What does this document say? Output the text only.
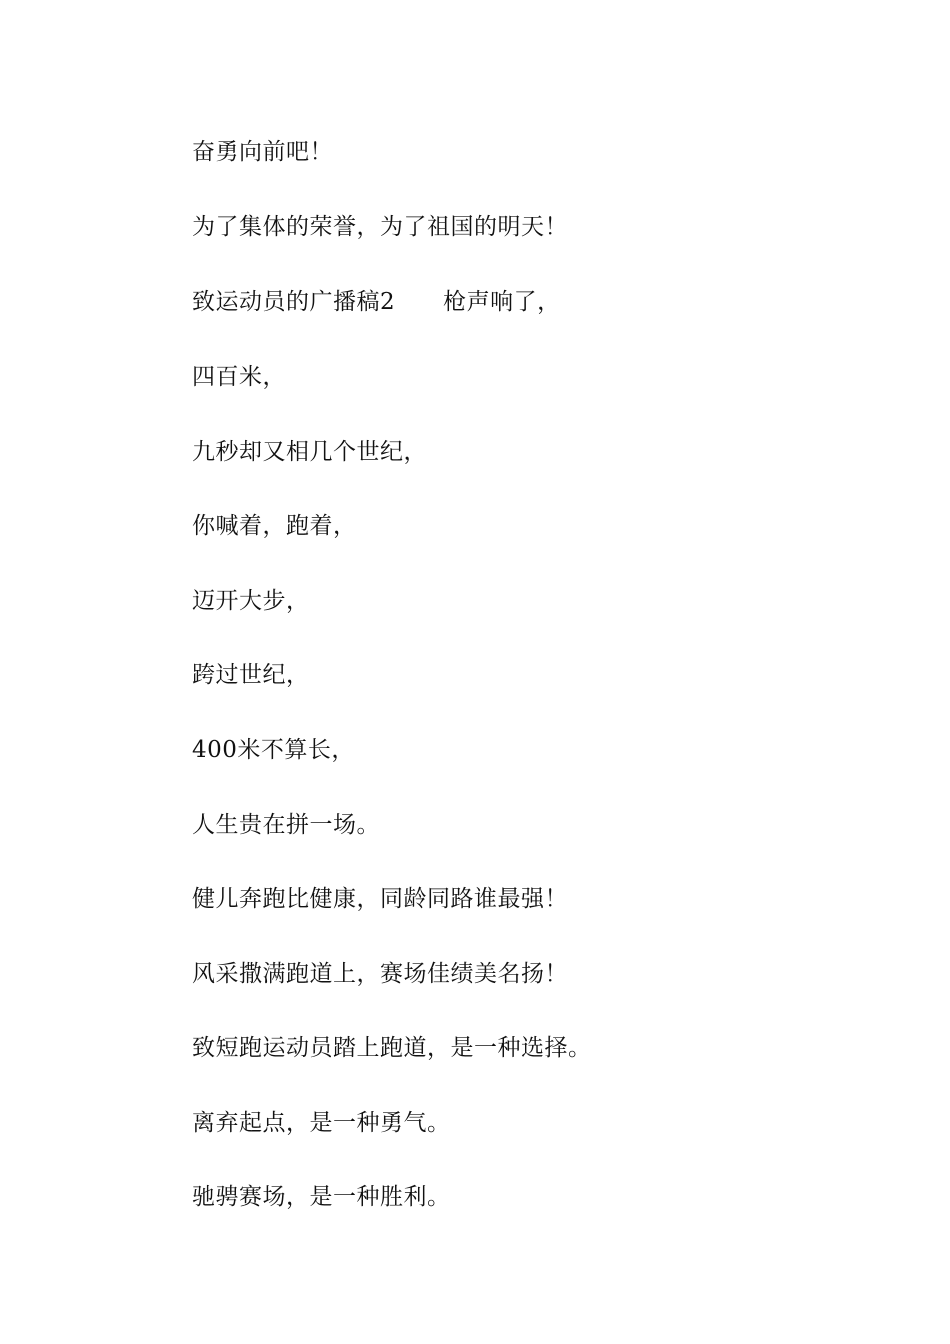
奋勇向前吧！
为了集体的荣誉，为了祖国的明天！
致运动员的广播稿2 枪声响了，
四百米，
九秒却又相几个世纪，
你喊着，跑着，
迈开大步，
跨过世纪，
400米不算长，
人生贵在拼一场。
健儿奔跑比健康，同龄同路谁最强！
风采撒满跑道上，赛场佳绩美名扬！
致短跑运动员踏上跑道，是一种选择。
离弃起点，是一种勇气。
驰骋赛场，是一种胜利。
